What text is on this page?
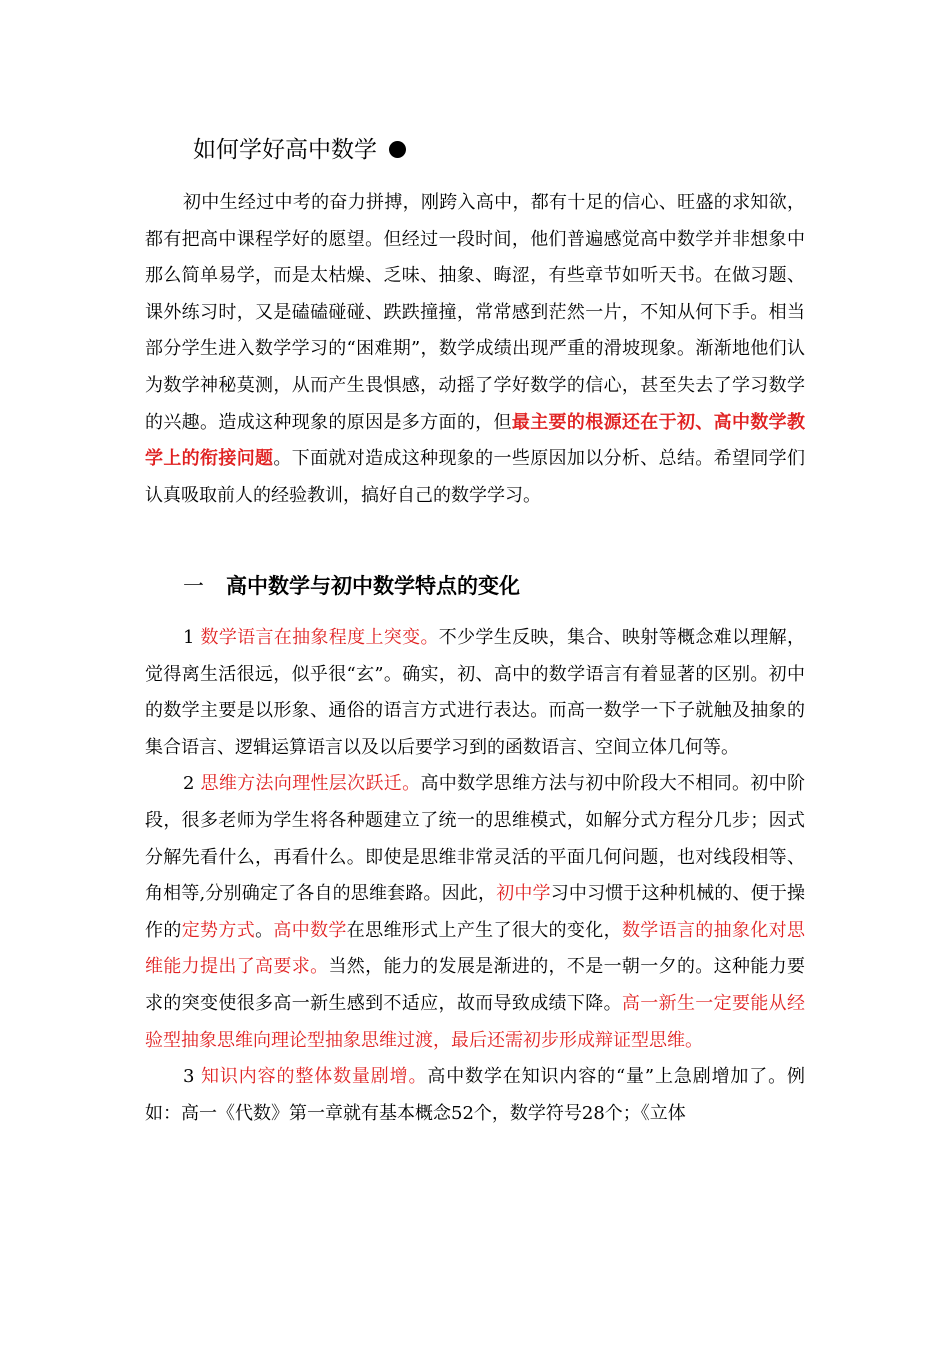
如何学好高中数学

初中生经过中考的奋力拼搏，刚跨入高中，都有十足的信心、旺盛的求知欲，都有把高中课程学好的愿望。但经过一段时间，他们普遍感觉高中数学并非想象中那么简单易学，而是太枯燥、乏味、抽象、晦涩，有些章节如听天书。在做习题、课外练习时，又是磕磕碰碰、跌跌撞撞，常常感到茫然一片，不知从何下手。相当部分学生进入数学学习的“困难期”，数学成绩出现严重的滑坡现象。渐渐地他们认为数学神秘莫测，从而产生畏惧感，动摇了学好数学的信心，甚至失去了学习数学的兴趣。造成这种现象的原因是多方面的，但最主要的根源还在于初、高中数学教学上的衔接问题。下面就对造成这种现象的一些原因加以分析、总结。希望同学们认真吸取前人的经验教训，搞好自己的数学学习。

一 高中数学与初中数学特点的变化

1 数学语言在抽象程度上突变。不少学生反映，集合、映射等概念难以理解，觉得离生活很远，似乎很“玄”。确实，初、高中的数学语言有着显著的区别。初中的数学主要是以形象、通俗的语言方式进行表达。而高一数学一下子就触及抽象的集合语言、逻辑运算语言以及以后要学习到的函数语言、空间立体几何等。

2 思维方法向理性层次跃迁。高中数学思维方法与初中阶段大不相同。初中阶段，很多老师为学生将各种题建立了统一的思维模式，如解分式方程分几步；因式分解先看什么，再看什么。即使是思维非常灵活的平面几何问题，也对线段相等、角相等,分别确定了各自的思维套路。因此，初中学习中习惯于这种机械的、便于操作的定势方式。高中数学在思维形式上产生了很大的变化，数学语言的抽象化对思维能力提出了高要求。当然，能力的发展是渐进的，不是一朝一夕的。这种能力要求的突变使很多高一新生感到不适应，故而导致成绩下降。高一新生一定要能从经验型抽象思维向理论型抽象思维过渡，最后还需初步形成辩证型思维。

3 知识内容的整体数量剧增。高中数学在知识内容的“量”上急剧增加了。例如：高一《代数》第一章就有基本概念52个，数学符号28个；《立体
